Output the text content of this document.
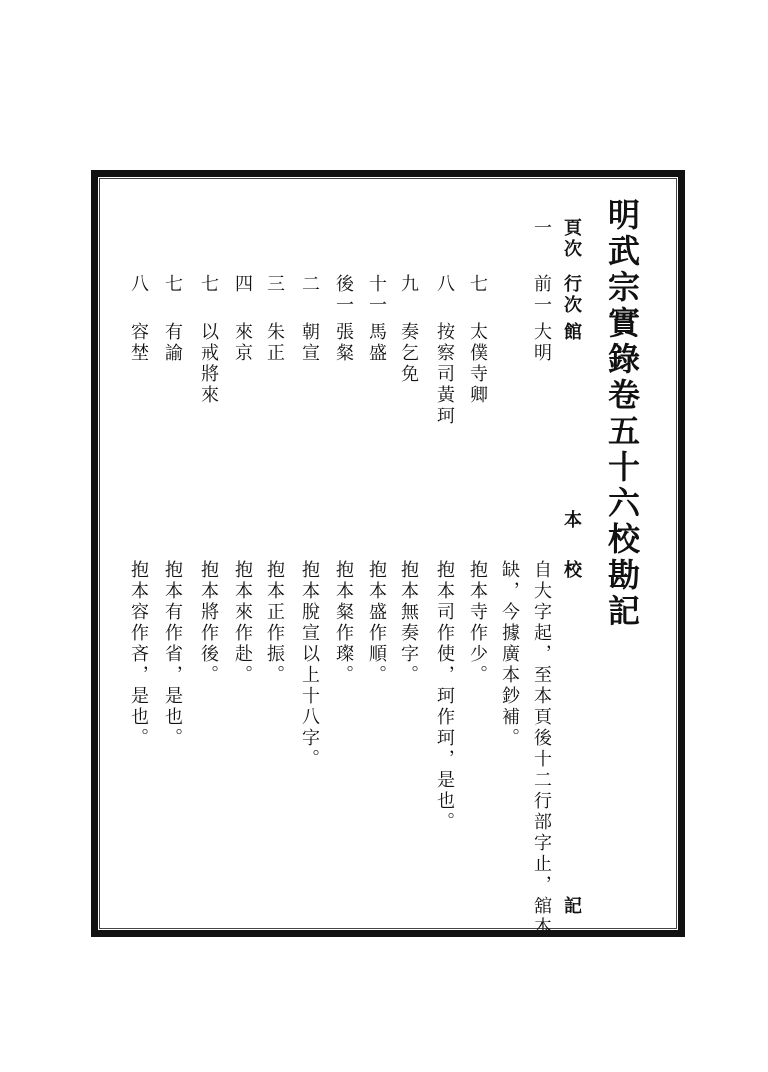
明武宗實錄卷五十六校勘記
頁次
行次
館
本
校
記
一
前一
大明
自大字起，至本頁後十二行部字止，舘本
缺，今據廣本鈔補。
七
太僕寺卿
抱本寺作少。
八
按察司黃珂
抱本司作使，珂作珂，是也。
九
奏乞免
抱本無奏字。
十一
馬盛
抱本盛作順。
後一
張粲
抱本粲作璨。
二
朝宣
抱本脫宣以上十八字。
三
朱正
抱本正作振。
四
來京
抱本來作赴。
七
以戒將來
抱本將作後。
七
有諭
抱本有作省，是也。
八
容埜
抱本容作吝，是也。
